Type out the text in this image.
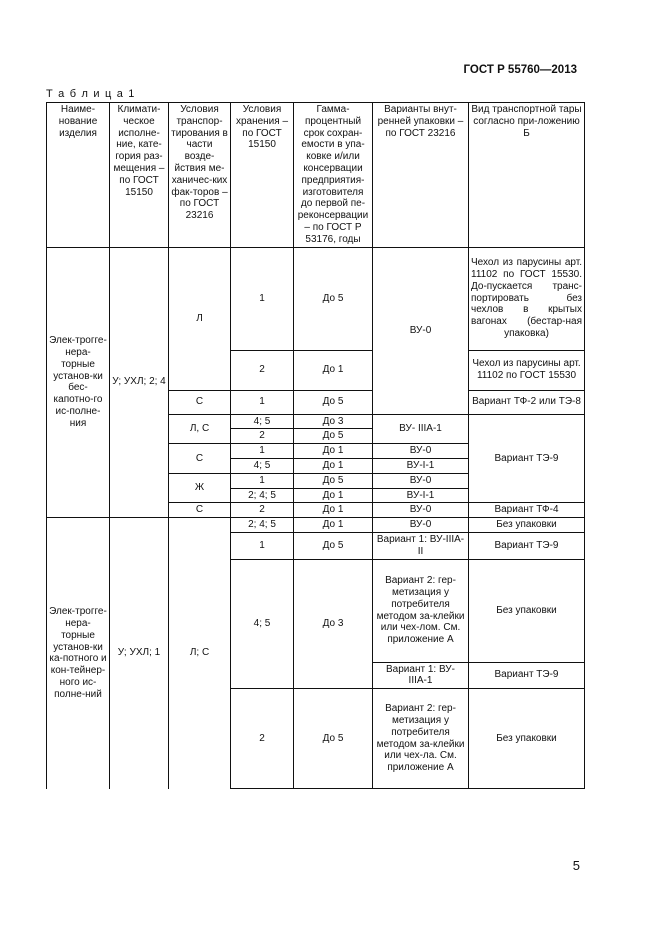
ГОСТ Р 55760—2013
Т а б л и ц а 1
Наиме-нование изделия	Климати-ческое исполне-ние, кате-гория раз-мещения – по ГОСТ 15150	Условия транспор-тирования в части возде-йствия ме-ханичес-ких фак-торов – по ГОСТ 23216	Условия хранения – по ГОСТ 15150	Гамма-процентный срок сохран-емости в упа-ковке и/или консервации предприятия-изготовителя до первой пе-реконсервации – по ГОСТ Р 53176, годы	Варианты внут-ренней упаковки – по ГОСТ 23216	Вид транспортной тары согласно при-ложению Б
Элек-трогге-нера-торные установ-ки бес-капотно-го ис-полне-ния	У; УХЛ; 2; 4	Л	1	До 5	ВУ-0	Чехол из парусины арт. 11102 по ГОСТ 15530. До-пускается транс-портировать без чехлов в крытых вагонах (бестар-ная упаковка)
			2	До 1		Чехол из парусины арт. 11102 по ГОСТ 15530
		С	1	До 5		Вариант ТФ-2 или ТЭ-8
		Л, С	4; 5	До 3	ВУ- IIIА-1	Вариант ТЭ-9
			2	До 5		
		С	1	До 1	ВУ-0	
			4; 5	До 1	ВУ-I-1	
		Ж	1	До 5	ВУ-0	
			2; 4; 5	До 1	ВУ-I-1	
		С	2	До 1	ВУ-0	Вариант ТФ-4
Элек-трогге-нера-торные установ-ки ка-потного и кон-тейнер-ного ис-полне-ний	У; УХЛ; 1	Л; С	2; 4; 5	До 1	ВУ-0	Без упаковки
			1	До 5	Вариант 1: ВУ-IIIА-II	Вариант ТЭ-9
			4; 5	До 3	Вариант 2: гер-метизация у потребителя методом за-клейки или чех-лом. См. приложение А	Без упаковки
					Вариант 1: ВУ-IIIА-1	Вариант ТЭ-9
			2	До 5	Вариант 2: гер-метизация у потребителя методом за-клейки или чех-ла. См. приложение А	Без упаковки
5
